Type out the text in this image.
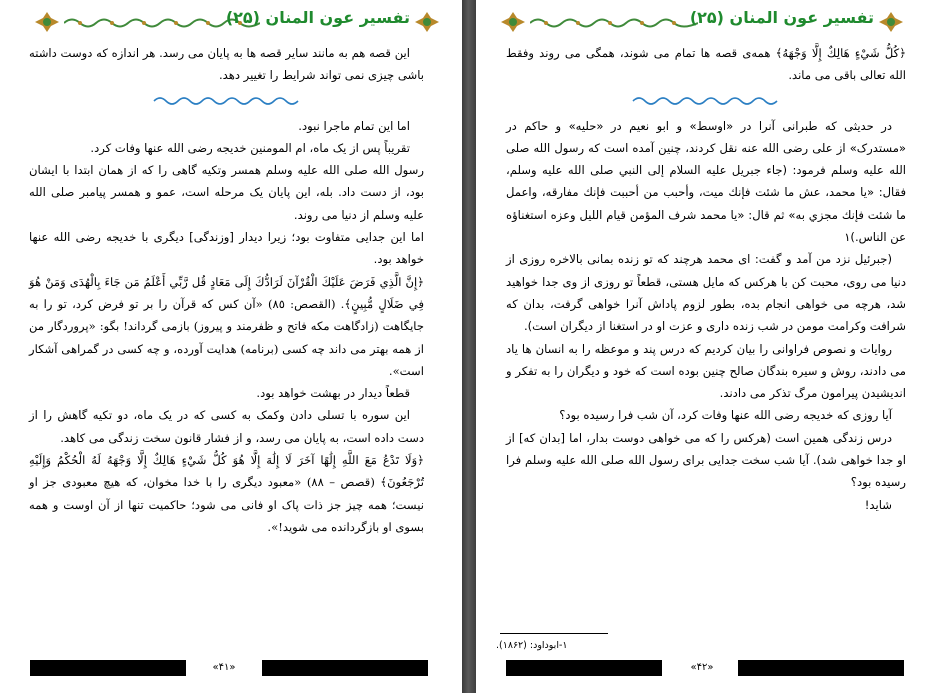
تفسیر عون المنان (۲۵)

این قصه هم به مانند سایر قصه ها به پایان می رسد. هر اندازه که دوست داشته باشی چیزی نمی تواند شرایط را تغییر دهد.

اما این تمام ماجرا نبود.

تقریباً پس از یک ماه، ام المومنین خدیجه رضی الله عنها وفات کرد.

رسول الله صلی الله علیه وسلم همسر وتکیه گاهی را که از همان ابتدا با ایشان بود، از دست داد. بله، این پایان یک مرحله است، عمو و همسر پیامبر صلی الله علیه وسلم از دنیا می روند.

اما این جدایی متفاوت بود؛ زیرا دیدار [وزندگی] دیگری با خدیجه رضی الله عنها خواهد بود.

﴿إِنَّ الَّذِي فَرَضَ عَلَيْكَ الْقُرْآنَ لَرَادُّكَ إِلَى مَعَادٍ قُل رَّبِّي أَعْلَمُ مَن جَاءَ بِالْهُدَى وَمَنْ هُوَ فِي ضَلَالٍ مُّبِينٍ﴾. (القصص: ٨٥) «آن کس که قرآن را بر تو فرض کرد، تو را به جایگاهت (زادگاهت مکه فاتح و ظفرمند و پیروز) بازمی گرداند! بگو: «پروردگار من از همه بهتر می داند چه کسی (برنامه) هدایت آورده، و چه کسی در گمراهی آشکار است».

قطعاً دیدار در بهشت خواهد بود.

این سوره با تسلی دادن وکمک به کسی که در یک ماه، دو تکیه گاهش را از دست داده است، به پایان می رسد، و از فشار قانون سخت زندگی می کاهد.

﴿وَلَا تَدْعُ مَعَ اللَّهِ إِلَٰهًا آخَرَ لَا إِلَٰهَ إِلَّا هُوَ كُلُّ شَيْءٍ هَالِكٌ إِلَّا وَجْهَهُ لَهُ الْحُكْمُ وَإِلَيْهِ تُرْجَعُونَ﴾ (قصص – ٨٨) «معبود دیگری را با خدا مخوان، که هیچ معبودی جز او نیست؛ همه چیز جز ذات پاک او فانی می شود؛ حاکمیت تنها از آن اوست و همه بسوی او بازگردانده می شوید!».

«۴۱»
تفسیر عون المنان (۲۵)

﴿كُلُّ شَيْءٍ هَالِكٌ إِلَّا وَجْهَهُ﴾ همه‌ی قصه ها تمام می شوند، همگی می روند وفقط الله تعالی باقی می ماند.

در حدیثی که طبرانی آنرا در «اوسط» و ابو نعیم در «حلیه» و حاکم در «مستدرک» از علی رضی الله عنه نقل کردند، چنین آمده است که رسول الله صلی الله علیه وسلم فرمود: (جاء جبريل عليه السلام إلى النبي صلى الله عليه وسلم، فقال: «يا محمد، عش ما شئت فإنك ميت، وأحبب من أحببت فإنك مفارقه، واعمل ما شئت فإنك مجزي به» ثم قال: «يا محمد شرف المؤمن قيام الليل وعزه استغناؤه عن الناس.)١

(جبرئیل نزد من آمد و گفت: ای محمد هرچند که تو زنده بمانی بالاخره روزی از دنیا می روی، محبت کن با هرکس که مایل هستی، قطعاً تو روزی از وی جدا خواهید شد، هرچه می خواهی انجام بده، بطور لزوم پاداش آنرا خواهی گرفت، بدان که شرافت وکرامت مومن در شب زنده داری و عزت او در استغنا از دیگران است).

روایات و نصوص فراوانی را بیان کردیم که درس پند و موعظه را به انسان ها یاد می دادند، روش و سیره بندگان صالح چنین بوده است که خود و دیگران را به تفکر و اندیشیدن پیرامون مرگ تذکر می دادند.

آیا روزی که خدیجه رضی الله عنها وفات کرد، آن شب فرا رسیده بود؟

درس زندگی همین است (هرکس را که می خواهی دوست بدار، اما [بدان که] از او جدا خواهی شد). آیا شب سخت جدایی برای رسول الله صلی الله علیه وسلم فرا رسیده بود؟

شاید!

١-ابوداود: (١٨۶٢).
«۴۲»
